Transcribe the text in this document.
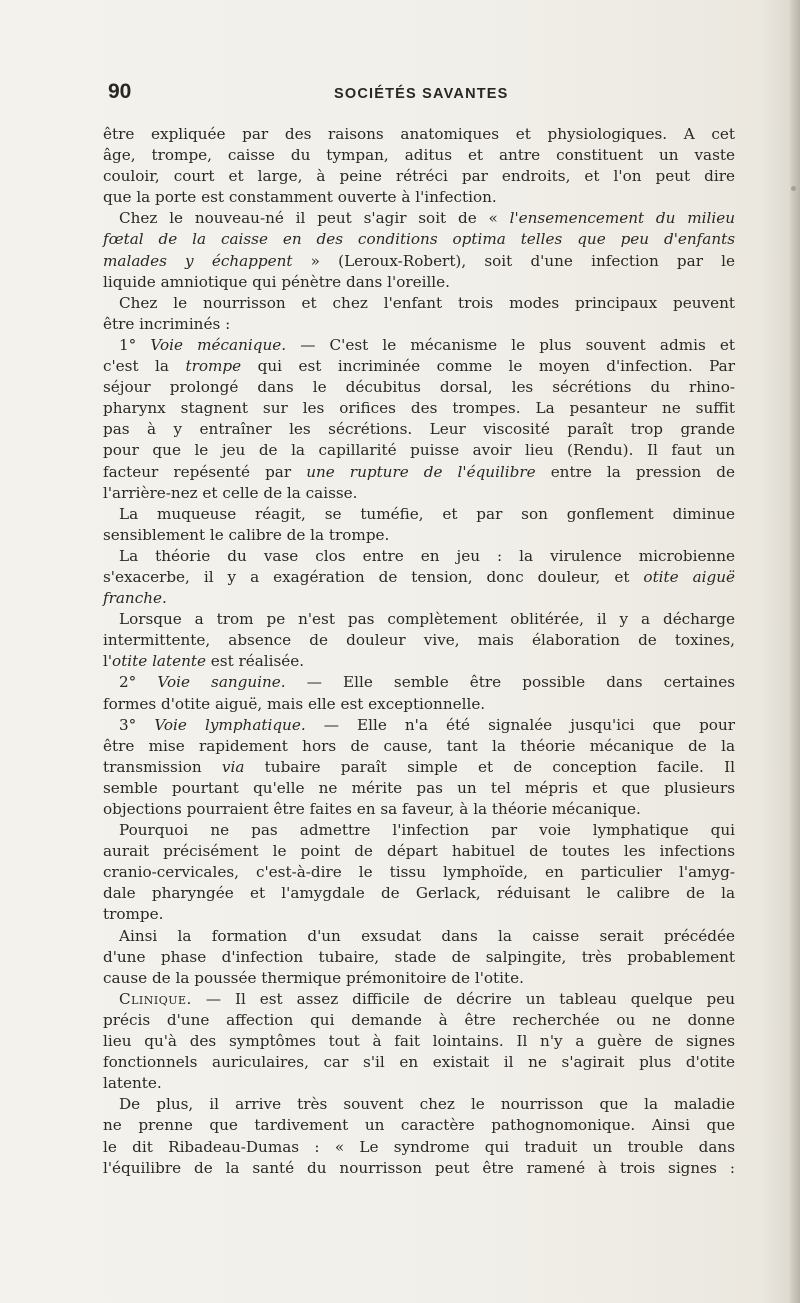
90	SOCIÉTÉS SAVANTES
être expliquée par des raisons anatomiques et physiologiques. A cet
âge, trompe, caisse du tympan, aditus et antre constituent un vaste
couloir, court et large, à peine rétréci par endroits, et l'on peut dire
que la porte est constamment ouverte à l'infection.
Chez le nouveau-né il peut s'agir soit de « l'ensemencement du milieu
fœtal de la caisse en des conditions optima telles que peu d'enfants
malades y échappent » (Leroux-Robert), soit d'une infection par le
liquide amniotique qui pénètre dans l'oreille.
Chez le nourrisson et chez l'enfant trois modes principaux peuvent
être incriminés :
1° Voie mécanique. — C'est le mécanisme le plus souvent admis et
c'est la trompe qui est incriminée comme le moyen d'infection. Par
séjour prolongé dans le décubitus dorsal, les sécrétions du rhino-
pharynx stagnent sur les orifices des trompes. La pesanteur ne suffit
pas à y entraîner les sécrétions. Leur viscosité paraît trop grande
pour que le jeu de la capillarité puisse avoir lieu (Rendu). Il faut un
facteur repésenté par une rupture de l'équilibre entre la pression de
l'arrière-nez et celle de la caisse.
La muqueuse réagit, se tuméfie, et par son gonflement diminue
sensiblement le calibre de la trompe.
La théorie du vase clos entre en jeu : la virulence microbienne
s'exacerbe, il y a exagération de tension, donc douleur, et otite aiguë
franche.
Lorsque a trom pe n'est pas complètement oblitérée, il y a décharge
intermittente, absence de douleur vive, mais élaboration de toxines,
l'otite latente est réalisée.
2° Voie sanguine. — Elle semble être possible dans certaines
formes d'otite aiguë, mais elle est exceptionnelle.
3° Voie lymphatique. — Elle n'a été signalée jusqu'ici que pour
être mise rapidement hors de cause, tant la théorie mécanique de la
transmission via tubaire paraît simple et de conception facile. Il
semble pourtant qu'elle ne mérite pas un tel mépris et que plusieurs
objections pourraient être faites en sa faveur, à la théorie mécanique.
Pourquoi ne pas admettre l'infection par voie lymphatique qui
aurait précisément le point de départ habituel de toutes les infections
cranio-cervicales, c'est-à-dire le tissu lymphoïde, en particulier l'amyg-
dale pharyngée et l'amygdale de Gerlack, réduisant le calibre de la
trompe.
Ainsi la formation d'un exsudat dans la caisse serait précédée
d'une phase d'infection tubaire, stade de salpingite, très probablement
cause de la poussée thermique prémonitoire de l'otite.
Clinique. — Il est assez difficile de décrire un tableau quelque peu
précis d'une affection qui demande à être recherchée ou ne donne
lieu qu'à des symptômes tout à fait lointains. Il n'y a guère de signes
fonctionnels auriculaires, car s'il en existait il ne s'agirait plus d'otite
latente.
De plus, il arrive très souvent chez le nourrisson que la maladie
ne prenne que tardivement un caractère pathognomonique. Ainsi que
le dit Ribadeau-Dumas : « Le syndrome qui traduit un trouble dans
l'équilibre de la santé du nourrisson peut être ramené à trois signes :
